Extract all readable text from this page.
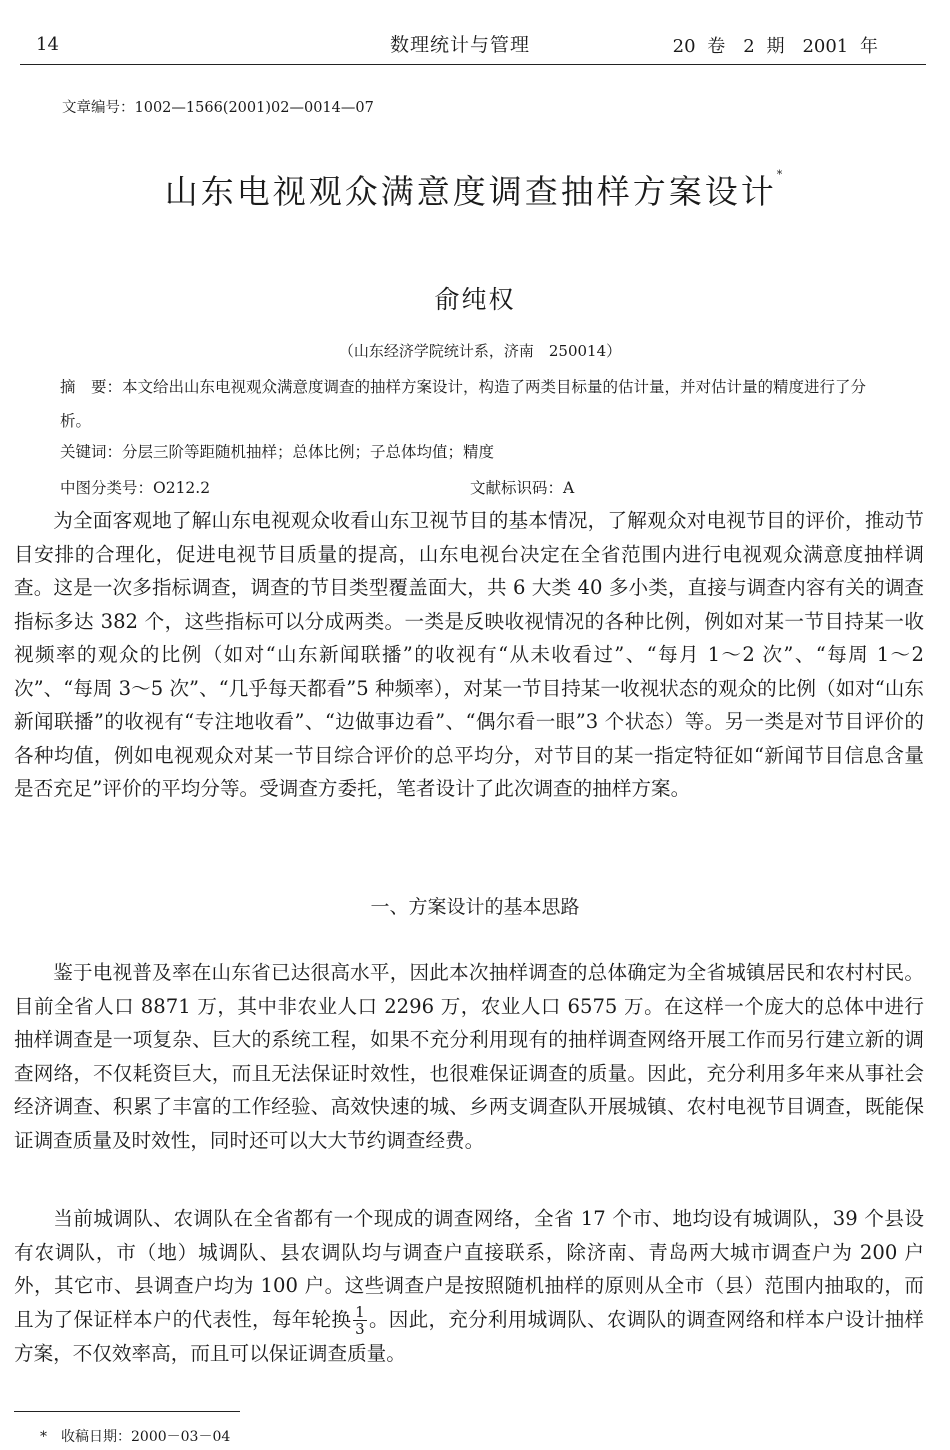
14	数理统计与管理	20 卷　2 期　2001 年
文章编号：1002—1566(2001)02—0014—07
山东电视观众满意度调查抽样方案设计*
俞纯权
（山东经济学院统计系，济南　250014）
摘　要：本文给出山东电视观众满意度调查的抽样方案设计，构造了两类目标量的估计量，并对估计量的精度进行了分析。
关键词：分层三阶等距随机抽样；总体比例；子总体均值；精度
中图分类号：O212.2	文献标识码：A

为全面客观地了解山东电视观众收看山东卫视节目的基本情况，了解观众对电视节目的评价，推动节目安排的合理化，促进电视节目质量的提高，山东电视台决定在全省范围内进行电视观众满意度抽样调查。这是一次多指标调查，调查的节目类型覆盖面大，共 6 大类 40 多小类，直接与调查内容有关的调查指标多达 382 个，这些指标可以分成两类。一类是反映收视情况的各种比例，例如对某一节目持某一收视频率的观众的比例（如对“山东新闻联播”的收视有“从未收看过”、“每月 1～2 次”、“每周 1～2 次”、“每周 3～5 次”、“几乎每天都看”5 种频率），对某一节目持某一收视状态的观众的比例（如对“山东新闻联播”的收视有“专注地收看”、“边做事边看”、“偶尔看一眼”3 个状态）等。另一类是对节目评价的各种均值，例如电视观众对某一节目综合评价的总平均分，对节目的某一指定特征如“新闻节目信息含量是否充足”评价的平均分等。受调查方委托，笔者设计了此次调查的抽样方案。

一、方案设计的基本思路

鉴于电视普及率在山东省已达很高水平，因此本次抽样调查的总体确定为全省城镇居民和农村村民。目前全省人口 8871 万，其中非农业人口 2296 万，农业人口 6575 万。在这样一个庞大的总体中进行抽样调查是一项复杂、巨大的系统工程，如果不充分利用现有的抽样调查网络开展工作而另行建立新的调查网络，不仅耗资巨大，而且无法保证时效性，也很难保证调查的质量。因此，充分利用多年来从事社会经济调查、积累了丰富的工作经验、高效快速的城、乡两支调查队开展城镇、农村电视节目调查，既能保证调查质量及时效性，同时还可以大大节约调查经费。

当前城调队、农调队在全省都有一个现成的调查网络，全省 17 个市、地均设有城调队，39 个县设有农调队，市（地）城调队、县农调队均与调查户直接联系，除济南、青岛两大城市调查户为 200 户外，其它市、县调查户均为 100 户。这些调查户是按照随机抽样的原则从全市（县）范围内抽取的，而且为了保证样本户的代表性，每年轮换 $\frac{1}{3}$ 。因此，充分利用城调队、农调队的调查网络和样本户设计抽样方案，不仅效率高，而且可以保证调查质量。

*　收稿日期：2000－03－04
